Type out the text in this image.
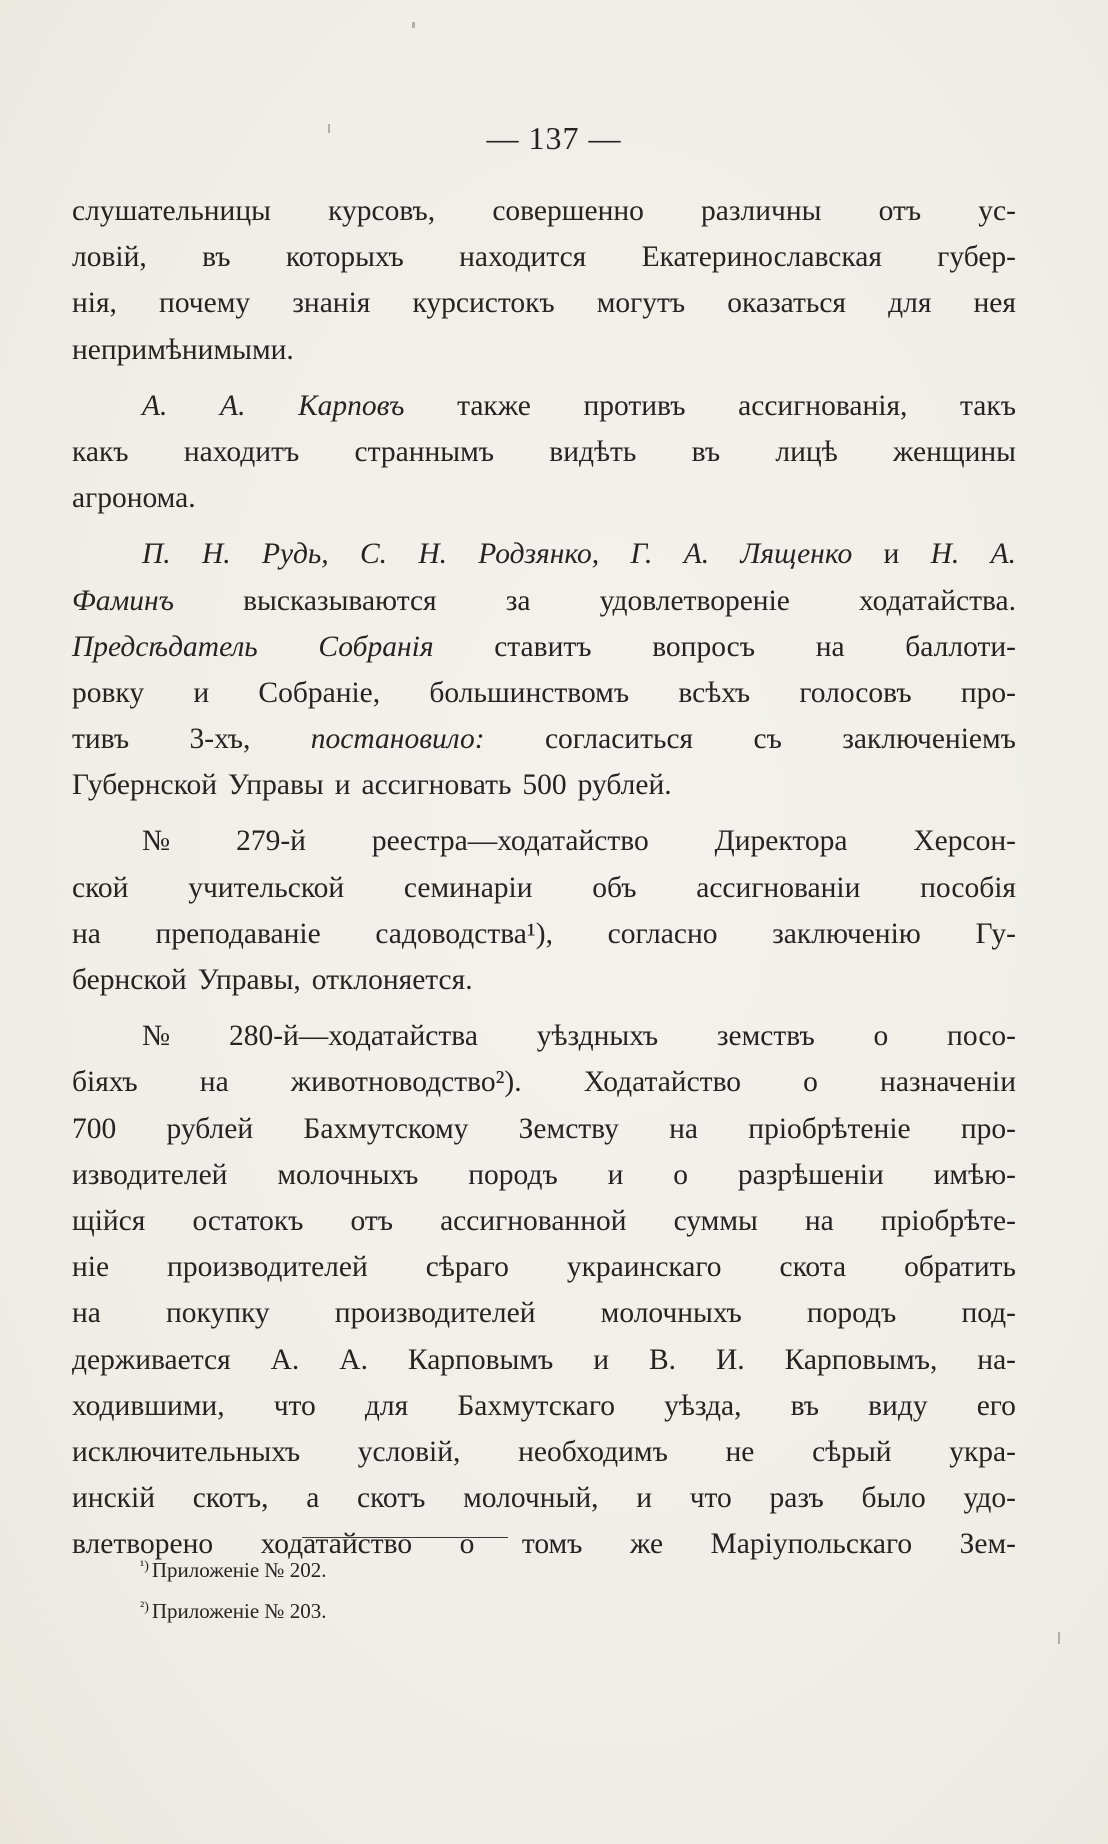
— 137 —
слушательницы курсовъ, совершенно различны отъ ус-
ловій, въ которыхъ находится Екатеринославская губер-
нія, почему знанія курсистокъ могутъ оказаться для нея
непримѣнимыми.
А. А. Карповъ также противъ ассигнованія, такъ
какъ находитъ страннымъ видѣть въ лицѣ женщины
агронома.
П. Н. Рудь, С. Н. Родзянко, Г. А. Лященко и Н. А.
Фаминъ высказываются за удовлетвореніе ходатайства.
Предсѣдатель Собранія ставитъ вопросъ на баллоти-
ровку и Собраніе, большинствомъ всѣхъ голосовъ про-
тивъ 3-хъ, постановило: согласиться съ заключеніемъ
Губернской Управы и ассигновать 500 рублей.
№ 279-й реестра—ходатайство Директора Херсон-
ской учительской семинаріи объ ассигнованіи пособія
на преподаваніе садоводства¹), согласно заключенію Гу-
бернской Управы, отклоняется.
№ 280-й—ходатайства уѣздныхъ земствъ о посо-
біяхъ на животноводство²). Ходатайство о назначеніи
700 рублей Бахмутскому Земству на пріобрѣтеніе про-
изводителей молочныхъ породъ и о разрѣшеніи имѣю-
щійся остатокъ отъ ассигнованной суммы на пріобрѣте-
ніе производителей сѣраго украинскаго скота обратить
на покупку производителей молочныхъ породъ под-
держивается А. А. Карповымъ и В. И. Карповымъ, на-
ходившими, что для Бахмутскаго уѣзда, въ виду его
исключительныхъ условій, необходимъ не сѣрый укра-
инскій скотъ, а скотъ молочный, и что разъ было удо-
влетворено ходатайство о томъ же Маріупольскаго Зем-
$^{^1)}$ Приложеніе № 202.
$^{^2)}$ Приложеніе № 203.
